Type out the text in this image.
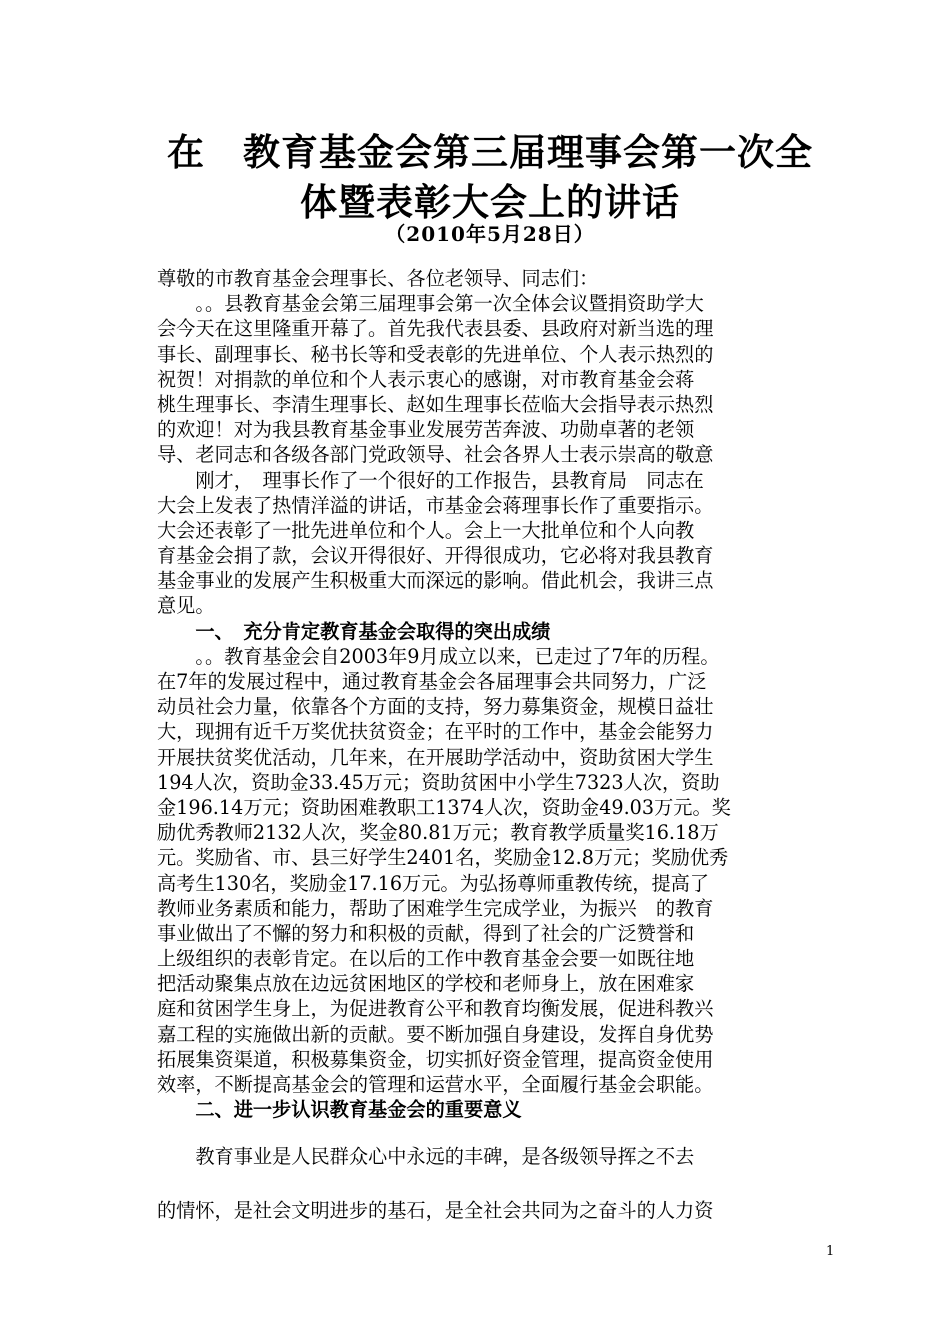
在　教育基金会第三届理事会第一次全
体暨表彰大会上的讲话
（2010年5月28日）
尊敬的市教育基金会理事长、各位老领导、同志们：
　　。。县教育基金会第三届理事会第一次全体会议暨捐资助学大
会今天在这里隆重开幕了。首先我代表县委、县政府对新当选的理
事长、副理事长、秘书长等和受表彰的先进单位、个人表示热烈的
祝贺！对捐款的单位和个人表示衷心的感谢，对市教育基金会蒋
桃生理事长、李清生理事长、赵如生理事长莅临大会指导表示热烈
的欢迎！对为我县教育基金事业发展劳苦奔波、功勋卓著的老领
导、老同志和各级各部门党政领导、社会各界人士表示崇高的敬意
　　刚才，　理事长作了一个很好的工作报告，县教育局　同志在
大会上发表了热情洋溢的讲话，市基金会蒋理事长作了重要指示。
大会还表彰了一批先进单位和个人。会上一大批单位和个人向教
育基金会捐了款，会议开得很好、开得很成功，它必将对我县教育
基金事业的发展产生积极重大而深远的影响。借此机会，我讲三点
意见。
　　一、　充分肯定教育基金会取得的突出成绩
　　。。教育基金会自2003年9月成立以来，已走过了7年的历程。
在7年的发展过程中，通过教育基金会各届理事会共同努力，广泛
动员社会力量，依靠各个方面的支持，努力募集资金，规模日益壮
大，现拥有近千万奖优扶贫资金；在平时的工作中，基金会能努力
开展扶贫奖优活动，几年来，在开展助学活动中，资助贫困大学生
194人次，资助金33.45万元；资助贫困中小学生7323人次，资助
金196.14万元；资助困难教职工1374人次，资助金49.03万元。奖
励优秀教师2132人次，奖金80.81万元；教育教学质量奖16.18万
元。奖励省、市、县三好学生2401名，奖励金12.8万元；奖励优秀
高考生130名，奖励金17.16万元。为弘扬尊师重教传统，提高了
教师业务素质和能力，帮助了困难学生完成学业，为振兴　的教育
事业做出了不懈的努力和积极的贡献，得到了社会的广泛赞誉和
上级组织的表彰肯定。在以后的工作中教育基金会要一如既往地
把活动聚集点放在边远贫困地区的学校和老师身上，放在困难家
庭和贫困学生身上，为促进教育公平和教育均衡发展，促进科教兴
嘉工程的实施做出新的贡献。要不断加强自身建设，发挥自身优势
拓展集资渠道，积极募集资金，切实抓好资金管理，提高资金使用
效率，不断提高基金会的管理和运营水平，全面履行基金会职能。
　　二、进一步认识教育基金会的重要意义
　　教育事业是人民群众心中永远的丰碑，是各级领导挥之不去
的情怀，是社会文明进步的基石，是全社会共同为之奋斗的人力资
1
